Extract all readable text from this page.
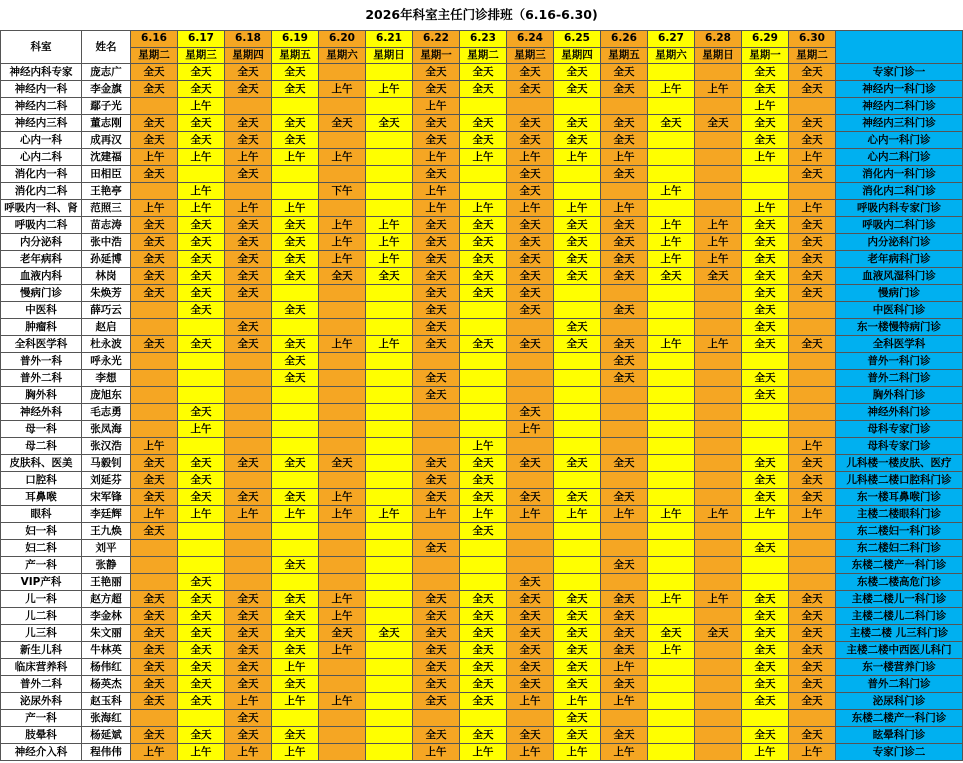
2026年科室主任门诊排班（6.16-6.30)
科室	姓名	6.16	6.17	6.18	6.19	6.20	6.21	6.22	6.23	6.24	6.25	6.26	6.27	6.28	6.29	6.30	
		星期二	星期三	星期四	星期五	星期六	星期日	星期一	星期二	星期三	星期四	星期五	星期六	星期日	星期一	星期二	
神经内科专家	庞志广	全天	全天	全天	全天			全天	全天	全天	全天	全天			全天	全天	专家门诊一
神经内一科	李金旗	全天	全天	全天	全天	上午	上午	全天	全天	全天	全天	全天	上午	上午	全天	全天	神经内一科门诊
神经内二科	鄢子光		上午					上午							上午		神经内二科门诊
神经内三科	董志刚	全天	全天	全天	全天	全天	全天	全天	全天	全天	全天	全天	全天	全天	全天	全天	神经内三科门诊
心内一科	成再汉	全天	全天	全天	全天			全天	全天	全天	全天	全天			全天	全天	心内一科门诊
心内二科	沈建福	上午	上午	上午	上午	上午		上午	上午	上午	上午	上午			上午	上午	心内二科门诊
消化内一科	田相臣	全天		全天				全天		全天		全天				全天	消化内一科门诊
消化内二科	王艳亭		上午			下午		上午		全天			上午				消化内二科门诊
呼吸内一科、肾	范照三	上午	上午	上午	上午			上午	上午	上午	上午	上午			上午	上午	呼吸内科专家门诊
呼吸内二科	苗志涛	全天	全天	全天	全天	上午	上午	全天	全天	全天	全天	全天	上午	上午	全天	全天	呼吸内二科门诊
内分泌科	张中浩	全天	全天	全天	全天	上午	上午	全天	全天	全天	全天	全天	上午	上午	全天	全天	内分泌科门诊
老年病科	孙延博	全天	全天	全天	全天	上午	上午	全天	全天	全天	全天	全天	上午	上午	全天	全天	老年病科门诊
血液内科	林岗	全天	全天	全天	全天	全天	全天	全天	全天	全天	全天	全天	全天	全天	全天	全天	血液风湿科门诊
慢病门诊	朱焕芳	全天	全天	全天				全天	全天	全天					全天	全天	慢病门诊
中医科	薛巧云		全天		全天			全天		全天		全天			全天		中医科门诊
肿瘤科	赵启			全天				全天			全天				全天		东一楼慢特病门诊
全科医学科	杜永波	全天	全天	全天	全天	上午	上午	全天	全天	全天	全天	全天	上午	上午	全天	全天	全科医学科
普外一科	呼永光				全天							全天					普外一科门诊
普外二科	李想				全天			全天				全天			全天		普外二科门诊
胸外科	庞旭东							全天							全天		胸外科门诊
神经外科	毛志勇		全天							全天							神经外科门诊
母一科	张凤海		上午							上午							母科专家门诊
母二科	张汉浩	上午							上午							上午	母科专家门诊
皮肤科、医美	马毅钊	全天	全天	全天	全天	全天		全天	全天	全天	全天	全天			全天	全天	儿科楼一楼皮肤、医疗
口腔科	刘延芬	全天	全天					全天	全天						全天	全天	儿科楼二楼口腔科门诊
耳鼻喉	宋军锋	全天	全天	全天	全天	上午		全天	全天	全天	全天	全天			全天	全天	东一楼耳鼻喉门诊
眼科	李廷辉	上午	上午	上午	上午	上午	上午	上午	上午	上午	上午	上午	上午	上午	上午	上午	主楼二楼眼科门诊
妇一科	王九焕	全天							全天								东二楼妇一科门诊
妇二科	刘平							全天							全天		东二楼妇二科门诊
产一科	张静				全天							全天					东楼二楼产一科门诊
VIP产科	王艳丽		全天							全天							东楼二楼高危门诊
儿一科	赵方超	全天	全天	全天	全天	上午		全天	全天	全天	全天	全天	上午	上午	全天	全天	主楼二楼儿一科门诊
儿二科	李金林	全天	全天	全天	全天	上午		全天	全天	全天	全天	全天			全天	全天	主楼二楼儿二科门诊
儿三科	朱文丽	全天	全天	全天	全天	全天	全天	全天	全天	全天	全天	全天	全天	全天	全天	全天	主楼二楼 儿三科门诊
新生儿科	牛林英	全天	全天	全天	全天	上午		全天	全天	全天	全天	全天	上午		全天	全天	主楼二楼中西医儿科门
临床营养科	杨伟红	全天	全天	全天	上午			全天	全天	全天	全天	上午			全天	全天	东一楼营养门诊
普外二科	杨英杰	全天	全天	全天	全天			全天	全天	全天	全天	全天			全天	全天	普外二科门诊
泌尿外科	赵玉科	全天	全天	上午	上午	上午		全天	全天	上午	上午	上午			全天	全天	泌尿科门诊
产一科	张海红			全天							全天						东楼二楼产一科门诊
肢晕科	杨延斌	全天	全天	全天	全天			全天	全天	全天	全天	全天			全天	全天	眩晕科门诊
神经介入科	程伟伟	上午	上午	上午	上午			上午	上午	上午	上午	上午			上午	上午	专家门诊二
